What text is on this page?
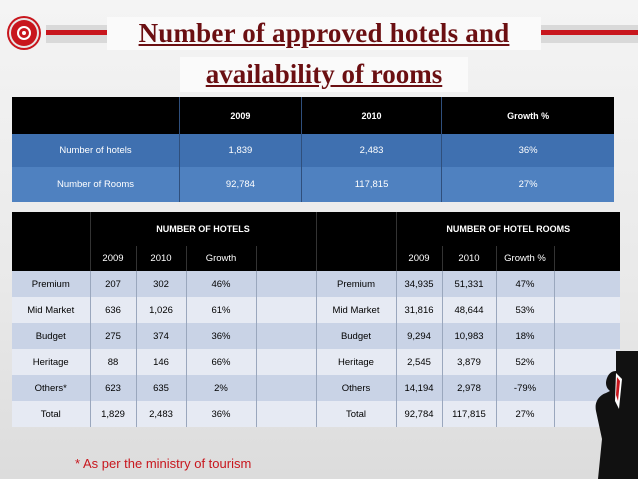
Number of approved hotels and
availability of rooms
	2009	2010	Growth %
Number of hotels	1,839	2,483	36%
Number of Rooms	92,784	117,815	27%
	NUMBER OF HOTELS					NUMBER OF HOTEL ROOMS			
	2009	2010	Growth			2009	2010	Growth %	
Premium	207	302	46%		Premium	34,935	51,331	47%	
Mid Market	636	1,026	61%		Mid Market	31,816	48,644	53%	
Budget	275	374	36%		Budget	9,294	10,983	18%	
Heritage	88	146	66%		Heritage	2,545	3,879	52%	
Others*	623	635	2%		Others	14,194	2,978	-79%	
Total	1,829	2,483	36%		Total	92,784	117,815	27%	
* As per the ministry of tourism
